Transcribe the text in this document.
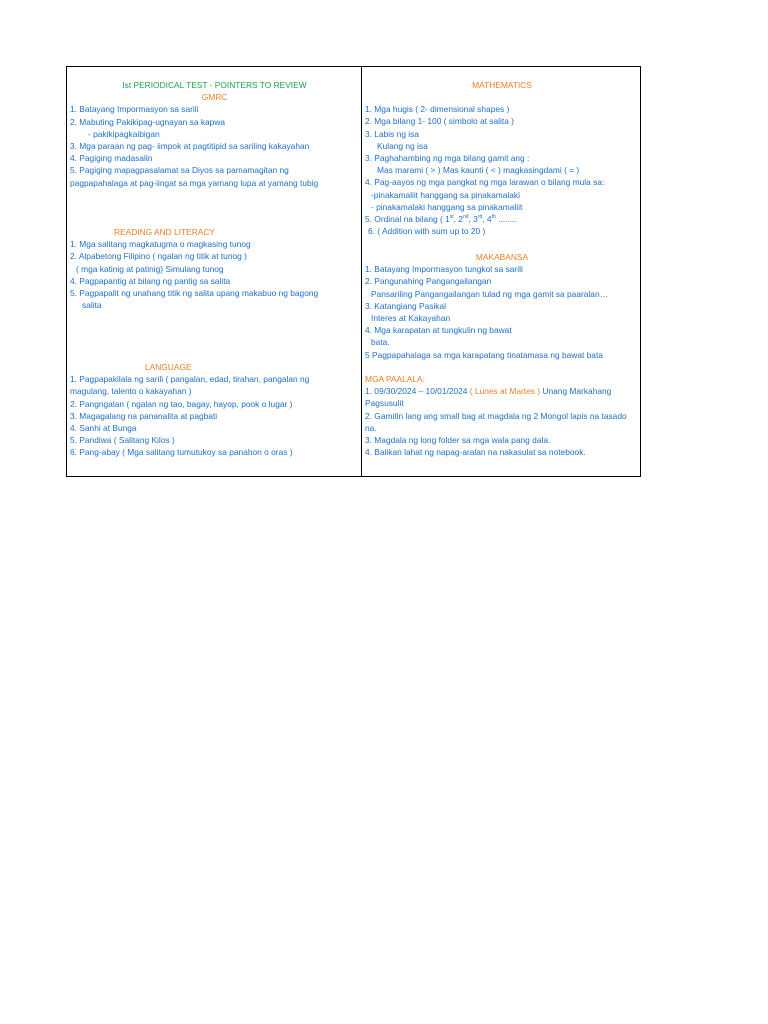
Ist PERIODICAL TEST - POINTERS TO REVIEW
GMRC
1. Batayang Impormasyon sa sarili
2. Mabuting Pakikipag-ugnayan sa kapwa
- pakikipagkaibigan
3. Mga paraan ng pag- iimpok at pagtitipid sa sariling kakayahan
4. Pagiging madasalin
5. Pagiging mapagpasalamat sa Diyos sa pamamagitan ng
pagpapahalaga at pag-iingat sa mga yamang lupa at yamang tubig
READING AND LITERACY
1. Mga salitang magkatugma o magkasing tunog
2. Alpabetong Filipino ( ngalan ng titik at tunog )
( mga katinig at patinig) Simulang tunog
4. Pagpapantig at bilang ng pantig sa salita
5. Pagpapalit ng unahang titik ng salita upang makabuo ng bagong
salita
LANGUAGE
1. Pagpapakilala ng sarili ( pangalan, edad, tirahan, pangalan ng
magulang, talento o kakayahan )
2. Pangngalan ( ngalan ng tao, bagay, hayop, pook o lugar )
3. Magagalang na pananalita at pagbati
4. Sanhi at Bunga
5. Pandiwa ( Salitang Kilos )
6. Pang-abay ( Mga salitang tumutukoy sa panahon o oras )
MATHEMATICS
1. Mga hugis ( 2- dimensional shapes )
2. Mga bilang 1- 100 ( simbolo at salita )
3. Labis ng isa
Kulang ng isa
3. Paghahambing ng mga bilang gamit ang :
Mas marami ( > ) Mas kaunti ( < ) magkasingdami ( = )
4. Pag-aayos ng mga pangkat ng mga larawan o bilang mula sa:
-pinakamaliit hanggang sa pinakamalaki
- pinakamalaki hanggang sa pinakamaliit
5. Ordinal na bilang ( 1st, 2nd, 3rd, 4th ........
6. ( Addition with sum up to 20 )
MAKABANSA
1. Batayang Impormasyon tungkol sa sarili
2. Pangunahing Pangangailangan
Pansariling Pangangailangan tulad ng mga gamit sa paaralan…
3. Katangiang Pasikal
Interes at Kakayahan
4. Mga karapatan at tungkulin ng bawat
bata.
5 Pagpapahalaga sa mga karapatang tinatamasa ng bawat bata
MGA PAALALA:
1. 09/30/2024 – 10/01/2024 ( Lunes at Martes ) Unang Markahang Pagsusulit
2. Gamitin lang ang small bag at magdala ng 2 Mongol lapis na tasado na.
3. Magdala ng long folder sa mga wala pang dala.
4. Balikan lahat ng napag-aralan na nakasulat sa notebook.
